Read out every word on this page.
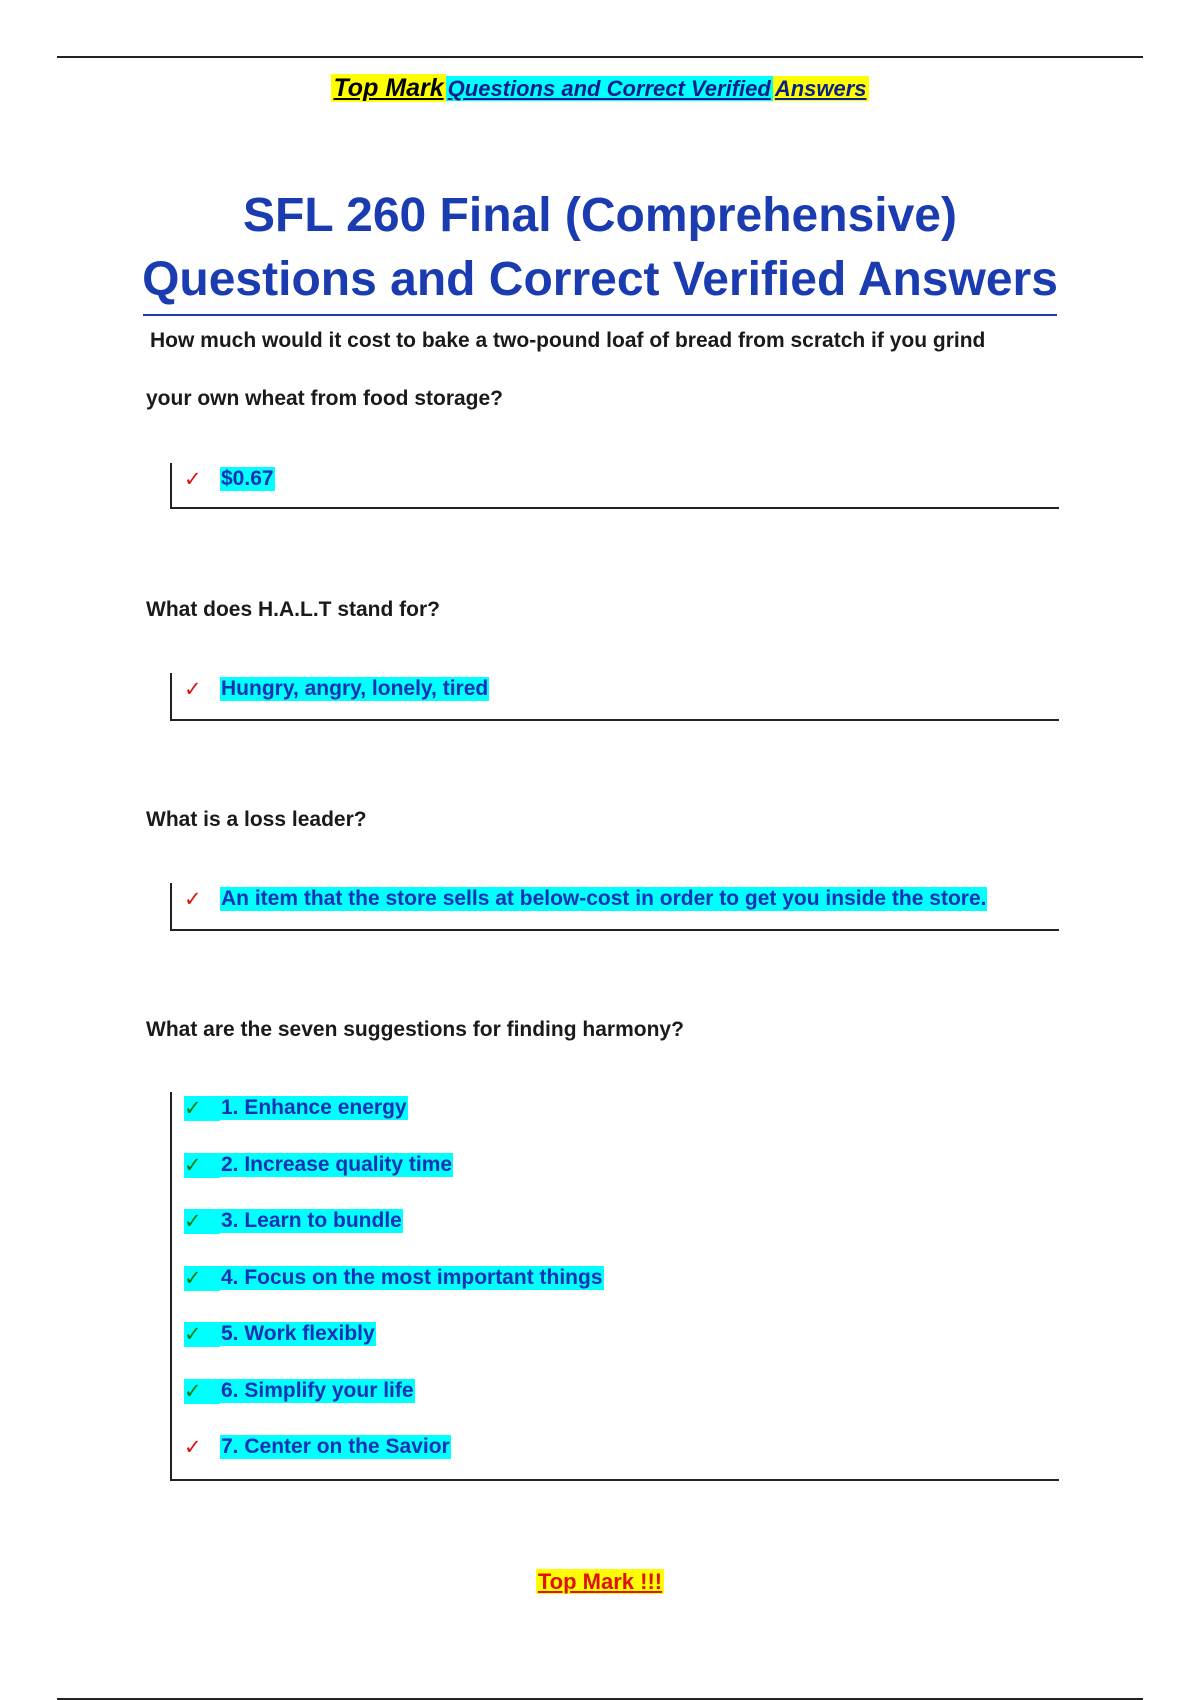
Top Mark Questions and Correct Verified Answers
SFL 260 Final (Comprehensive)
Questions and Correct Verified Answers
How much would it cost to bake a two-pound loaf of bread from scratch if you grind
your own wheat from food storage?
✓ $0.67
What does H.A.L.T stand for?
✓ Hungry, angry, lonely, tired
What is a loss leader?
✓ An item that the store sells at below-cost in order to get you inside the store.
What are the seven suggestions for finding harmony?
✓ 1. Enhance energy
✓ 2. Increase quality time
✓ 3. Learn to bundle
✓ 4. Focus on the most important things
✓ 5. Work flexibly
✓ 6. Simplify your life
✓ 7. Center on the Savior
Top Mark !!!
